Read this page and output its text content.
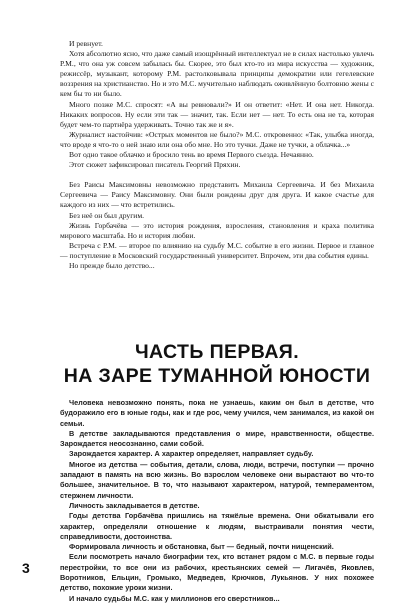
И ревнует.

Хотя абсолютно ясно, что даже самый изощрённый интеллектуал не в силах настолько увлечь Р.М., что она уж совсем забылась бы. Скорее, это был кто-то из мира искусства — художник, режиссёр, музыкант, которому Р.М. растолковывала принципы демократии или гегелевские воззрения на христианство. Но и это М.С. мучительно наблюдать оживлённую болтовню жены с кем бы то ни было.

Много позже М.С. спросят: «А вы ревновали?» И он ответит: «Нет. И она нет. Никогда. Никаких вопросов. Ну если эти так — значит, так. Если нет — нет. То есть она не та, которая будет чем-то партнёра удерживать. Точно так же и я».

Журналист настойчив: «Острых моментов не было?» М.С. откровенно: «Так, улыбка иногда, что вроде я что-то о ней знаю или она обо мне. Но это тучки. Даже не тучки, а облачка...»

Вот одно такое облачко и бросило тень во время Первого съезда. Нечаянно.

Этот сюжет зафиксировал писатель Георгий Пряхин.

Без Раисы Максимовны невозможно представить Михаила Сергеевича. И без Михаила Сергеевича — Раису Максимовну. Они были рождены друг для друга. И какое счастье для каждого из них — что встретились.

Без неё он был другим.

Жизнь Горбачёва — это история рождения, взросления, становления и краха политика мирового масштаба. Но и история любви.

Встреча с Р.М. — второе по влиянию на судьбу М.С. событие в его жизни. Первое и главное — поступление в Московский государственный университет. Впрочем, эти два события едины.

Но прежде было детство...

ЧАСТЬ ПЕРВАЯ.
НА ЗАРЕ ТУМАННОЙ ЮНОСТИ

Человека невозможно понять, пока не узнаешь, каким он был в детстве, что будоражило его в юные годы, как и где рос, чему учился, чем занимался, из какой он семьи.

В детстве закладываются представления о мире, нравственности, обществе. Зарождается неосознанно, сами собой.

Зарождается характер. А характер определяет, направляет судьбу.

Многое из детства — события, детали, слова, люди, встречи, поступки — прочно западают в память на всю жизнь. Во взрослом человеке они вырастают во что-то большее, значительное. В то, что называют характером, натурой, темпераментом, стержнем личности.

Личность закладывается в детстве.

Годы детства Горбачёва пришлись на тяжёлые времена. Они обкатывали его характер, определяли отношение к людям, выстраивали понятия чести, справедливости, достоинства.

Формировала личность и обстановка, быт — бедный, почти нищенский.

Если посмотреть начало биографии тех, кто встанет рядом с М.С. в первые годы перестройки, то все они из рабочих, крестьянских семей — Лигачёв, Яковлев, Воротников, Ельцин, Громыко, Медведев, Крючков, Лукьянов. У них похожее детство, похожие уроки жизни.

И начало судьбы М.С. как у миллионов его сверстников...

3
